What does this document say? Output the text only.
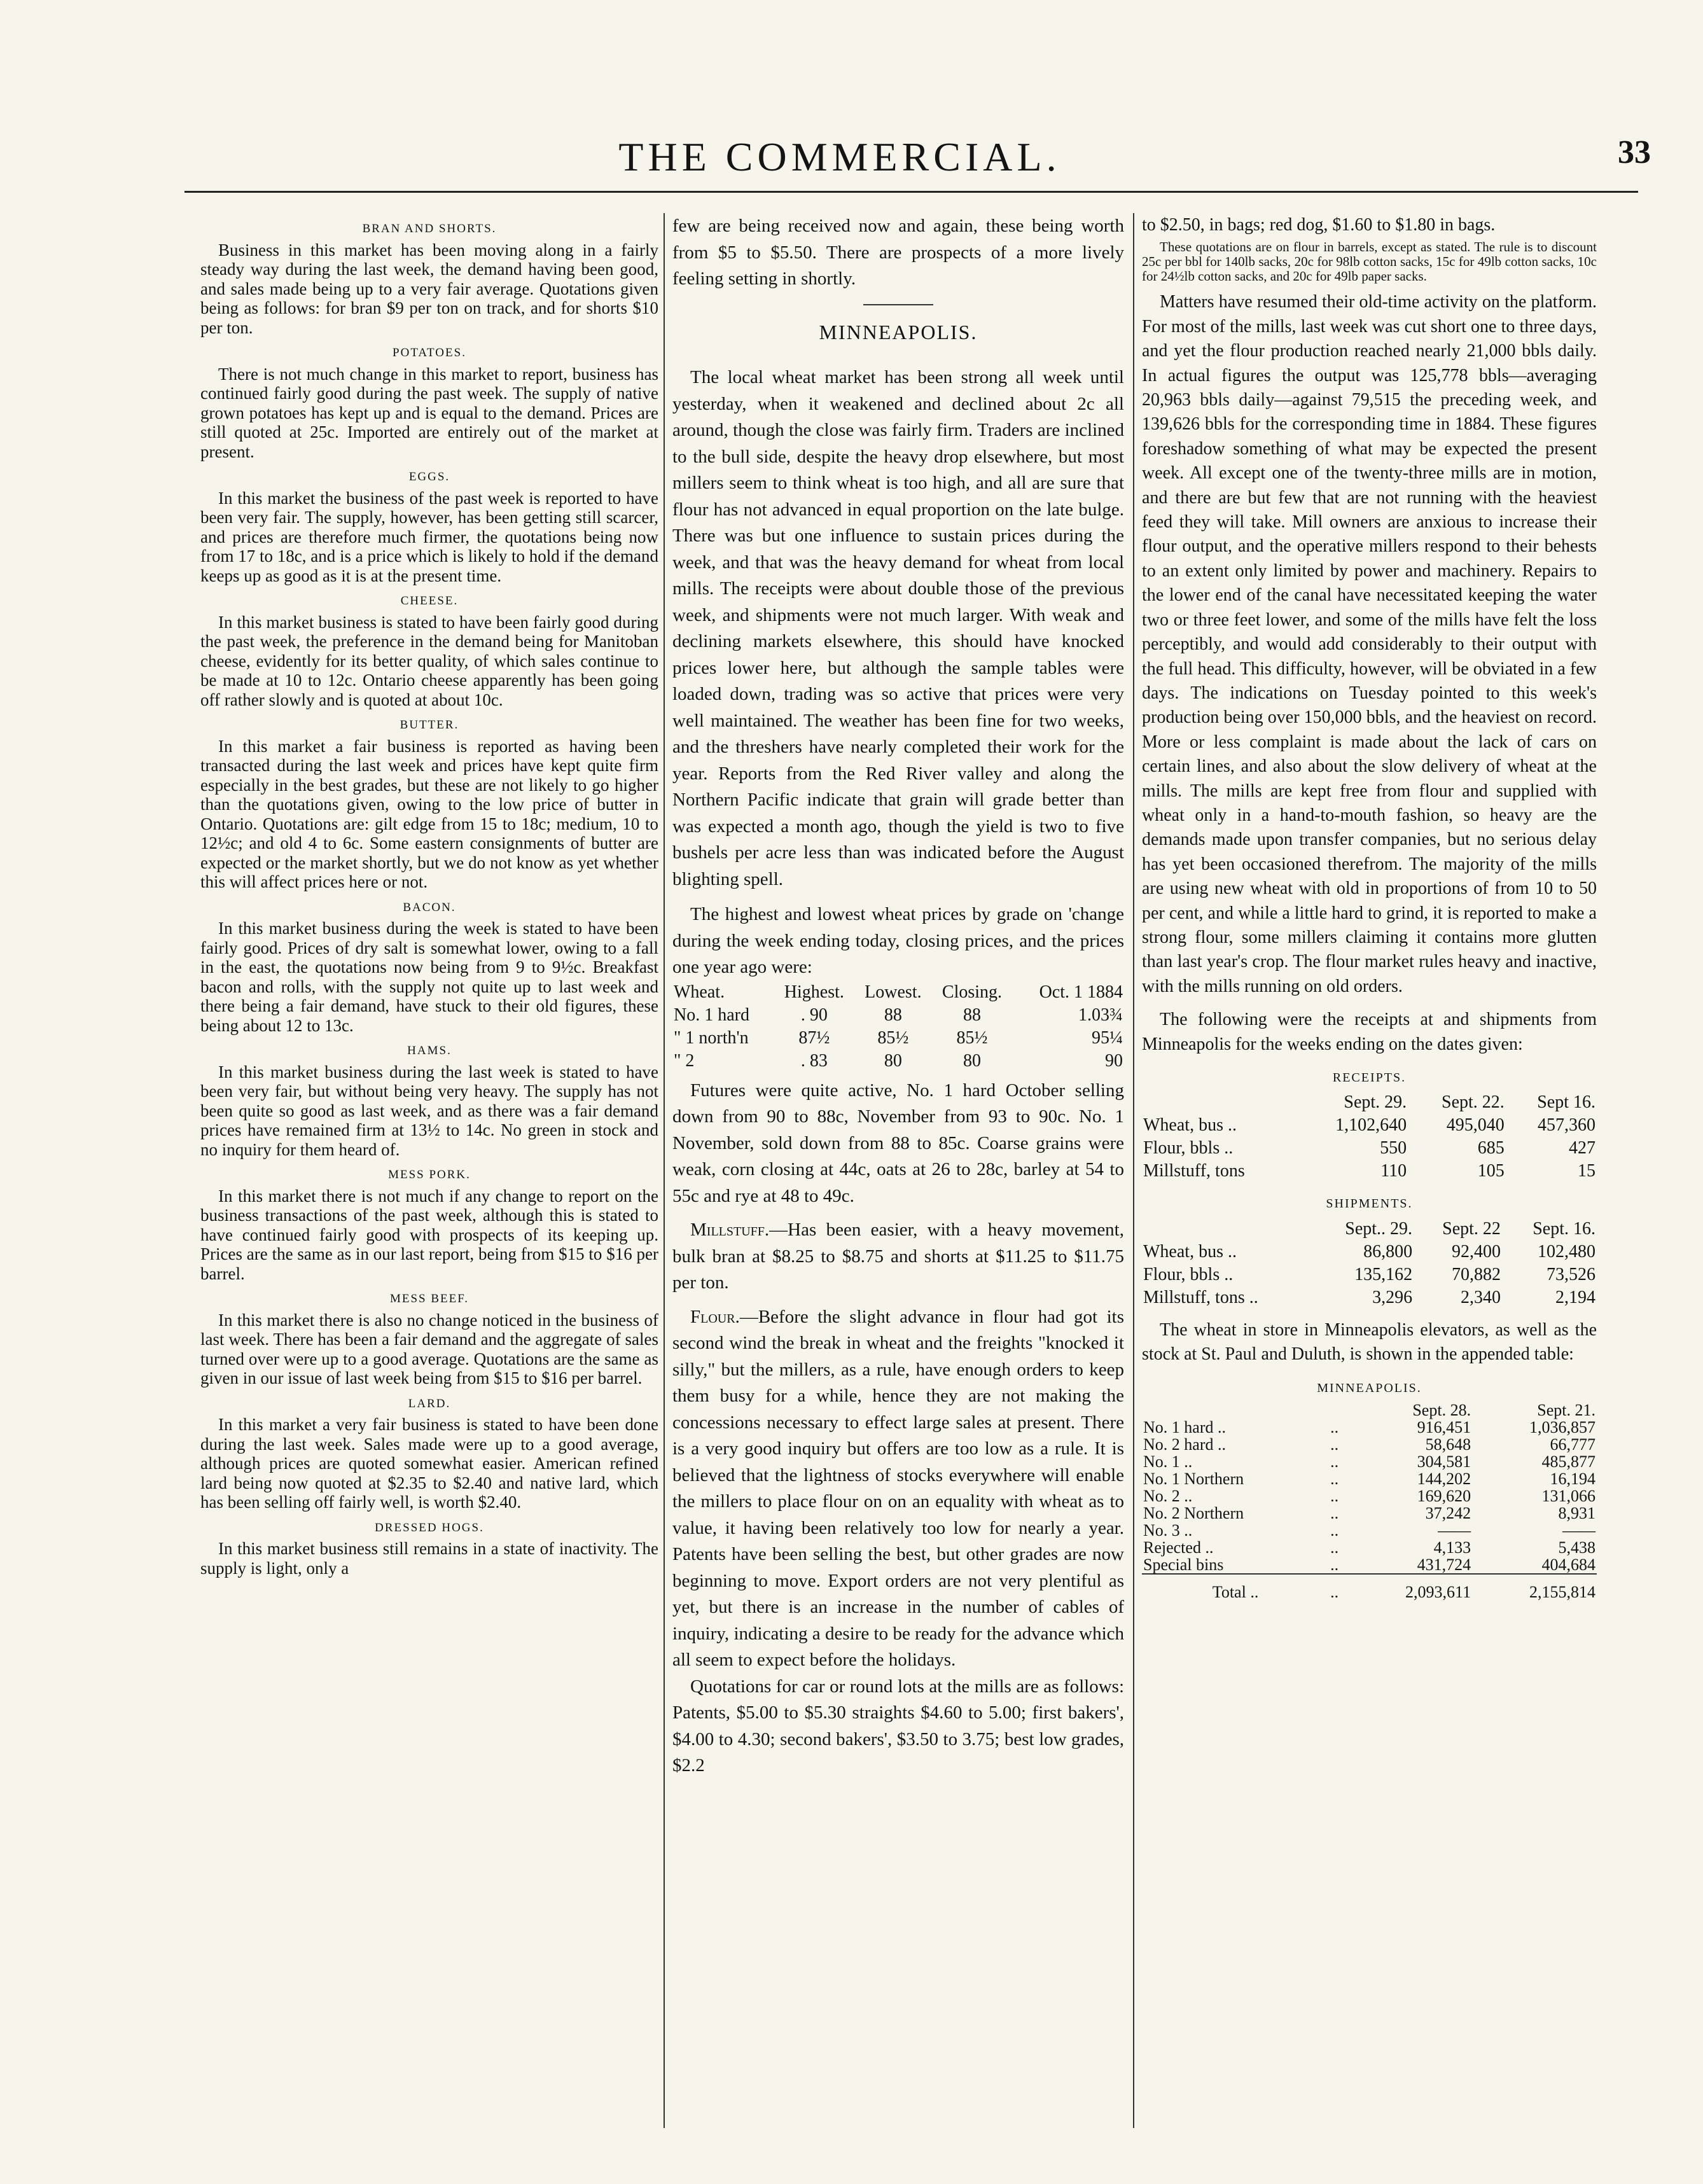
THE COMMERCIAL.	33
BRAN AND SHORTS.

Business in this market has been moving along in a fairly steady way during the last week, the demand having been good, and sales made being up to a very fair average. Quotations given being as follows: for bran $9 per ton on track, and for shorts $10 per ton.

POTATOES.

There is not much change in this market to report, business has continued fairly good during the past week. The supply of native grown potatoes has kept up and is equal to the demand. Prices are still quoted at 25c. Imported are entirely out of the market at present.

EGGS.

In this market the business of the past week is reported to have been very fair. The supply, however, has been getting still scarcer, and prices are therefore much firmer, the quotations being now from 17 to 18c, and is a price which is likely to hold if the demand keeps up as good as it is at the present time.

CHEESE.

In this market business is stated to have been fairly good during the past week, the preference in the demand being for Manitoban cheese, evidently for its better quality, of which sales continue to be made at 10 to 12c. Ontario cheese apparently has been going off rather slowly and is quoted at about 10c.

BUTTER.

In this market a fair business is reported as having been transacted during the last week and prices have kept quite firm especially in the best grades, but these are not likely to go higher than the quotations given, owing to the low price of butter in Ontario. Quotations are: gilt edge from 15 to 18c; medium, 10 to 12½c; and old 4 to 6c. Some eastern consignments of butter are expected or the market shortly, but we do not know as yet whether this will affect prices here or not.

BACON.

In this market business during the week is stated to have been fairly good. Prices of dry salt is somewhat lower, owing to a fall in the east, the quotations now being from 9 to 9½c. Breakfast bacon and rolls, with the supply not quite up to last week and there being a fair demand, have stuck to their old figures, these being about 12 to 13c.

HAMS.

In this market business during the last week is stated to have been very fair, but without being very heavy. The supply has not been quite so good as last week, and as there was a fair demand prices have remained firm at 13½ to 14c. No green in stock and no inquiry for them heard of.

MESS PORK.

In this market there is not much if any change to report on the business transactions of the past week, although this is stated to have continued fairly good with prospects of its keeping up. Prices are the same as in our last report, being from $15 to $16 per barrel.

MESS BEEF.

In this market there is also no change noticed in the business of last week. There has been a fair demand and the aggregate of sales turned over were up to a good average. Quotations are the same as given in our issue of last week being from $15 to $16 per barrel.

LARD.

In this market a very fair business is stated to have been done during the last week. Sales made were up to a good average, although prices are quoted somewhat easier. American refined lard being now quoted at $2.35 to $2.40 and native lard, which has been selling off fairly well, is worth $2.40.

DRESSED HOGS.

In this market business still remains in a state of inactivity. The supply is light, only a

few are being received now and again, these being worth from $5 to $5.50. There are prospects of a more lively feeling setting in shortly.

MINNEAPOLIS.

The local wheat market has been strong all week until yesterday, when it weakened and declined about 2c all around, though the close was fairly firm. Traders are inclined to the bull side, despite the heavy drop elsewhere, but most millers seem to think wheat is too high, and all are sure that flour has not advanced in equal proportion on the late bulge. There was but one influence to sustain prices during the week, and that was the heavy demand for wheat from local mills. The receipts were about double those of the previous week, and shipments were not much larger. With weak and declining markets elsewhere, this should have knocked prices lower here, but although the sample tables were loaded down, trading was so active that prices were very well maintained. The weather has been fine for two weeks, and the threshers have nearly completed their work for the year. Reports from the Red River valley and along the Northern Pacific indicate that grain will grade better than was expected a month ago, though the yield is two to five bushels per acre less than was indicated before the August blighting spell.

The highest and lowest wheat prices by grade on 'change during the week ending today, closing prices, and the prices one year ago were:

Wheat.	Highest.	Lowest.	Closing.	Oct. 1 1884
No. 1 hard	. 90	88	88	1.03¾
" 1 north'n	87½	85½	85½	95¼
" 2	. 83	80	80	90

Futures were quite active, No. 1 hard October selling down from 90 to 88c, November from 93 to 90c. No. 1 November, sold down from 88 to 85c. Coarse grains were weak, corn closing at 44c, oats at 26 to 28c, barley at 54 to 55c and rye at 48 to 49c.

Millstuff.—Has been easier, with a heavy movement, bulk bran at $8.25 to $8.75 and shorts at $11.25 to $11.75 per ton.

Flour.—Before the slight advance in flour had got its second wind the break in wheat and the freights "knocked it silly," but the millers, as a rule, have enough orders to keep them busy for a while, hence they are not making the concessions necessary to effect large sales at present. There is a very good inquiry but offers are too low as a rule. It is believed that the lightness of stocks everywhere will enable the millers to place flour on on an equality with wheat as to value, it having been relatively too low for nearly a year. Patents have been selling the best, but other grades are now beginning to move. Export orders are not very plentiful as yet, but there is an increase in the number of cables of inquiry, indicating a desire to be ready for the advance which all seem to expect before the holidays.

Quotations for car or round lots at the mills are as follows: Patents, $5.00 to $5.30 straights $4.60 to 5.00; first bakers', $4.00 to 4.30; second bakers', $3.50 to 3.75; best low grades, $2.2

to $2.50, in bags; red dog, $1.60 to $1.80 in bags.

These quotations are on flour in barrels, except as stated. The rule is to discount 25c per bbl for 140lb sacks, 20c for 98lb cotton sacks, 15c for 49lb cotton sacks, 10c for 24½lb cotton sacks, and 20c for 49lb paper sacks.

Matters have resumed their old-time activity on the platform. For most of the mills, last week was cut short one to three days, and yet the flour production reached nearly 21,000 bbls daily. In actual figures the output was 125,778 bbls—averaging 20,963 bbls daily—against 79,515 the preceding week, and 139,626 bbls for the corresponding time in 1884. These figures foreshadow something of what may be expected the present week. All except one of the twenty-three mills are in motion, and there are but few that are not running with the heaviest feed they will take. Mill owners are anxious to increase their flour output, and the operative millers respond to their behests to an extent only limited by power and machinery. Repairs to the lower end of the canal have necessitated keeping the water two or three feet lower, and some of the mills have felt the loss perceptibly, and would add considerably to their output with the full head. This difficulty, however, will be obviated in a few days. The indications on Tuesday pointed to this week's production being over 150,000 bbls, and the heaviest on record. More or less complaint is made about the lack of cars on certain lines, and also about the slow delivery of wheat at the mills. The mills are kept free from flour and supplied with wheat only in a hand-to-mouth fashion, so heavy are the demands made upon transfer companies, but no serious delay has yet been occasioned therefrom. The majority of the mills are using new wheat with old in proportions of from 10 to 50 per cent, and while a little hard to grind, it is reported to make a strong flour, some millers claiming it contains more glutten than last year's crop. The flour market rules heavy and inactive, with the mills running on old orders.

The following were the receipts at and shipments from Minneapolis for the weeks ending on the dates given:

RECEIPTS.
	Sept. 29.	Sept. 22.	Sept 16.
Wheat, bus ..	1,102,640	495,040	457,360
Flour, bbls ..	550	685	427
Millstuff, tons	110	105	15
SHIPMENTS.
	Sept.. 29.	Sept. 22	Sept. 16.
Wheat, bus ..	86,800	92,400	102,480
Flour, bbls ..	135,162	70,882	73,526
Millstuff, tons ..	3,296	2,340	2,194

The wheat in store in Minneapolis elevators, as well as the stock at St. Paul and Duluth, is shown in the appended table:

MINNEAPOLIS.
		Sept. 28.	Sept. 21.
No. 1 hard ..	..	916,451	1,036,857
No. 2 hard ..	..	58,648	66,777
No. 1 ..	..	304,581	485,877
No. 1 Northern	..	144,202	16,194
No. 2 ..	..	169,620	131,066
No. 2 Northern	..	37,242	8,931
No. 3 ..	..	——	——
Rejected ..	..	4,133	5,438
Special bins	..	431,724	404,684

Total ..	..	2,093,611	2,155,814
